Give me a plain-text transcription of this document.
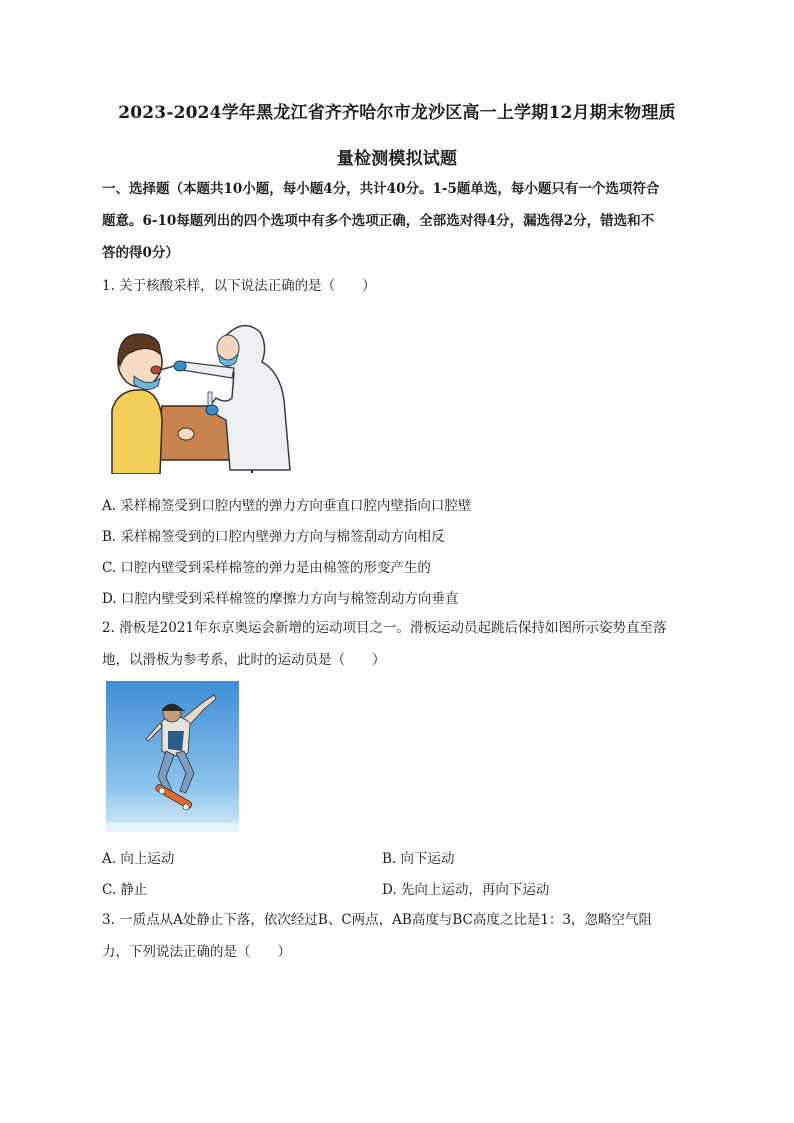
2023-2024学年黑龙江省齐齐哈尔市龙沙区高一上学期12月期末物理质
量检测模拟试题
一、选择题（本题共10小题，每小题4分，共计40分。1-5题单选，每小题只有一个选项符合
题意。6-10每题列出的四个选项中有多个选项正确，全部选对得4分，漏选得2分，错选和不
答的得0分）
1. 关于核酸采样，以下说法正确的是（　　）
A. 采样棉签受到口腔内壁的弹力方向垂直口腔内壁指向口腔壁
B. 采样棉签受到的口腔内壁弹力方向与棉签刮动方向相反
C. 口腔内壁受到采样棉签的弹力是由棉签的形变产生的
D. 口腔内壁受到采样棉签的摩擦力方向与棉签刮动方向垂直
2. 滑板是2021年东京奥运会新增的运动项目之一。滑板运动员起跳后保持如图所示姿势直至落
地，以滑板为参考系，此时的运动员是（　　）
A. 向上运动	B. 向下运动
C. 静止	D. 先向上运动，再向下运动
3. 一质点从A处静止下落，依次经过B、C两点，AB高度与BC高度之比是1：3，忽略空气阻
力，下列说法正确的是（　　）
